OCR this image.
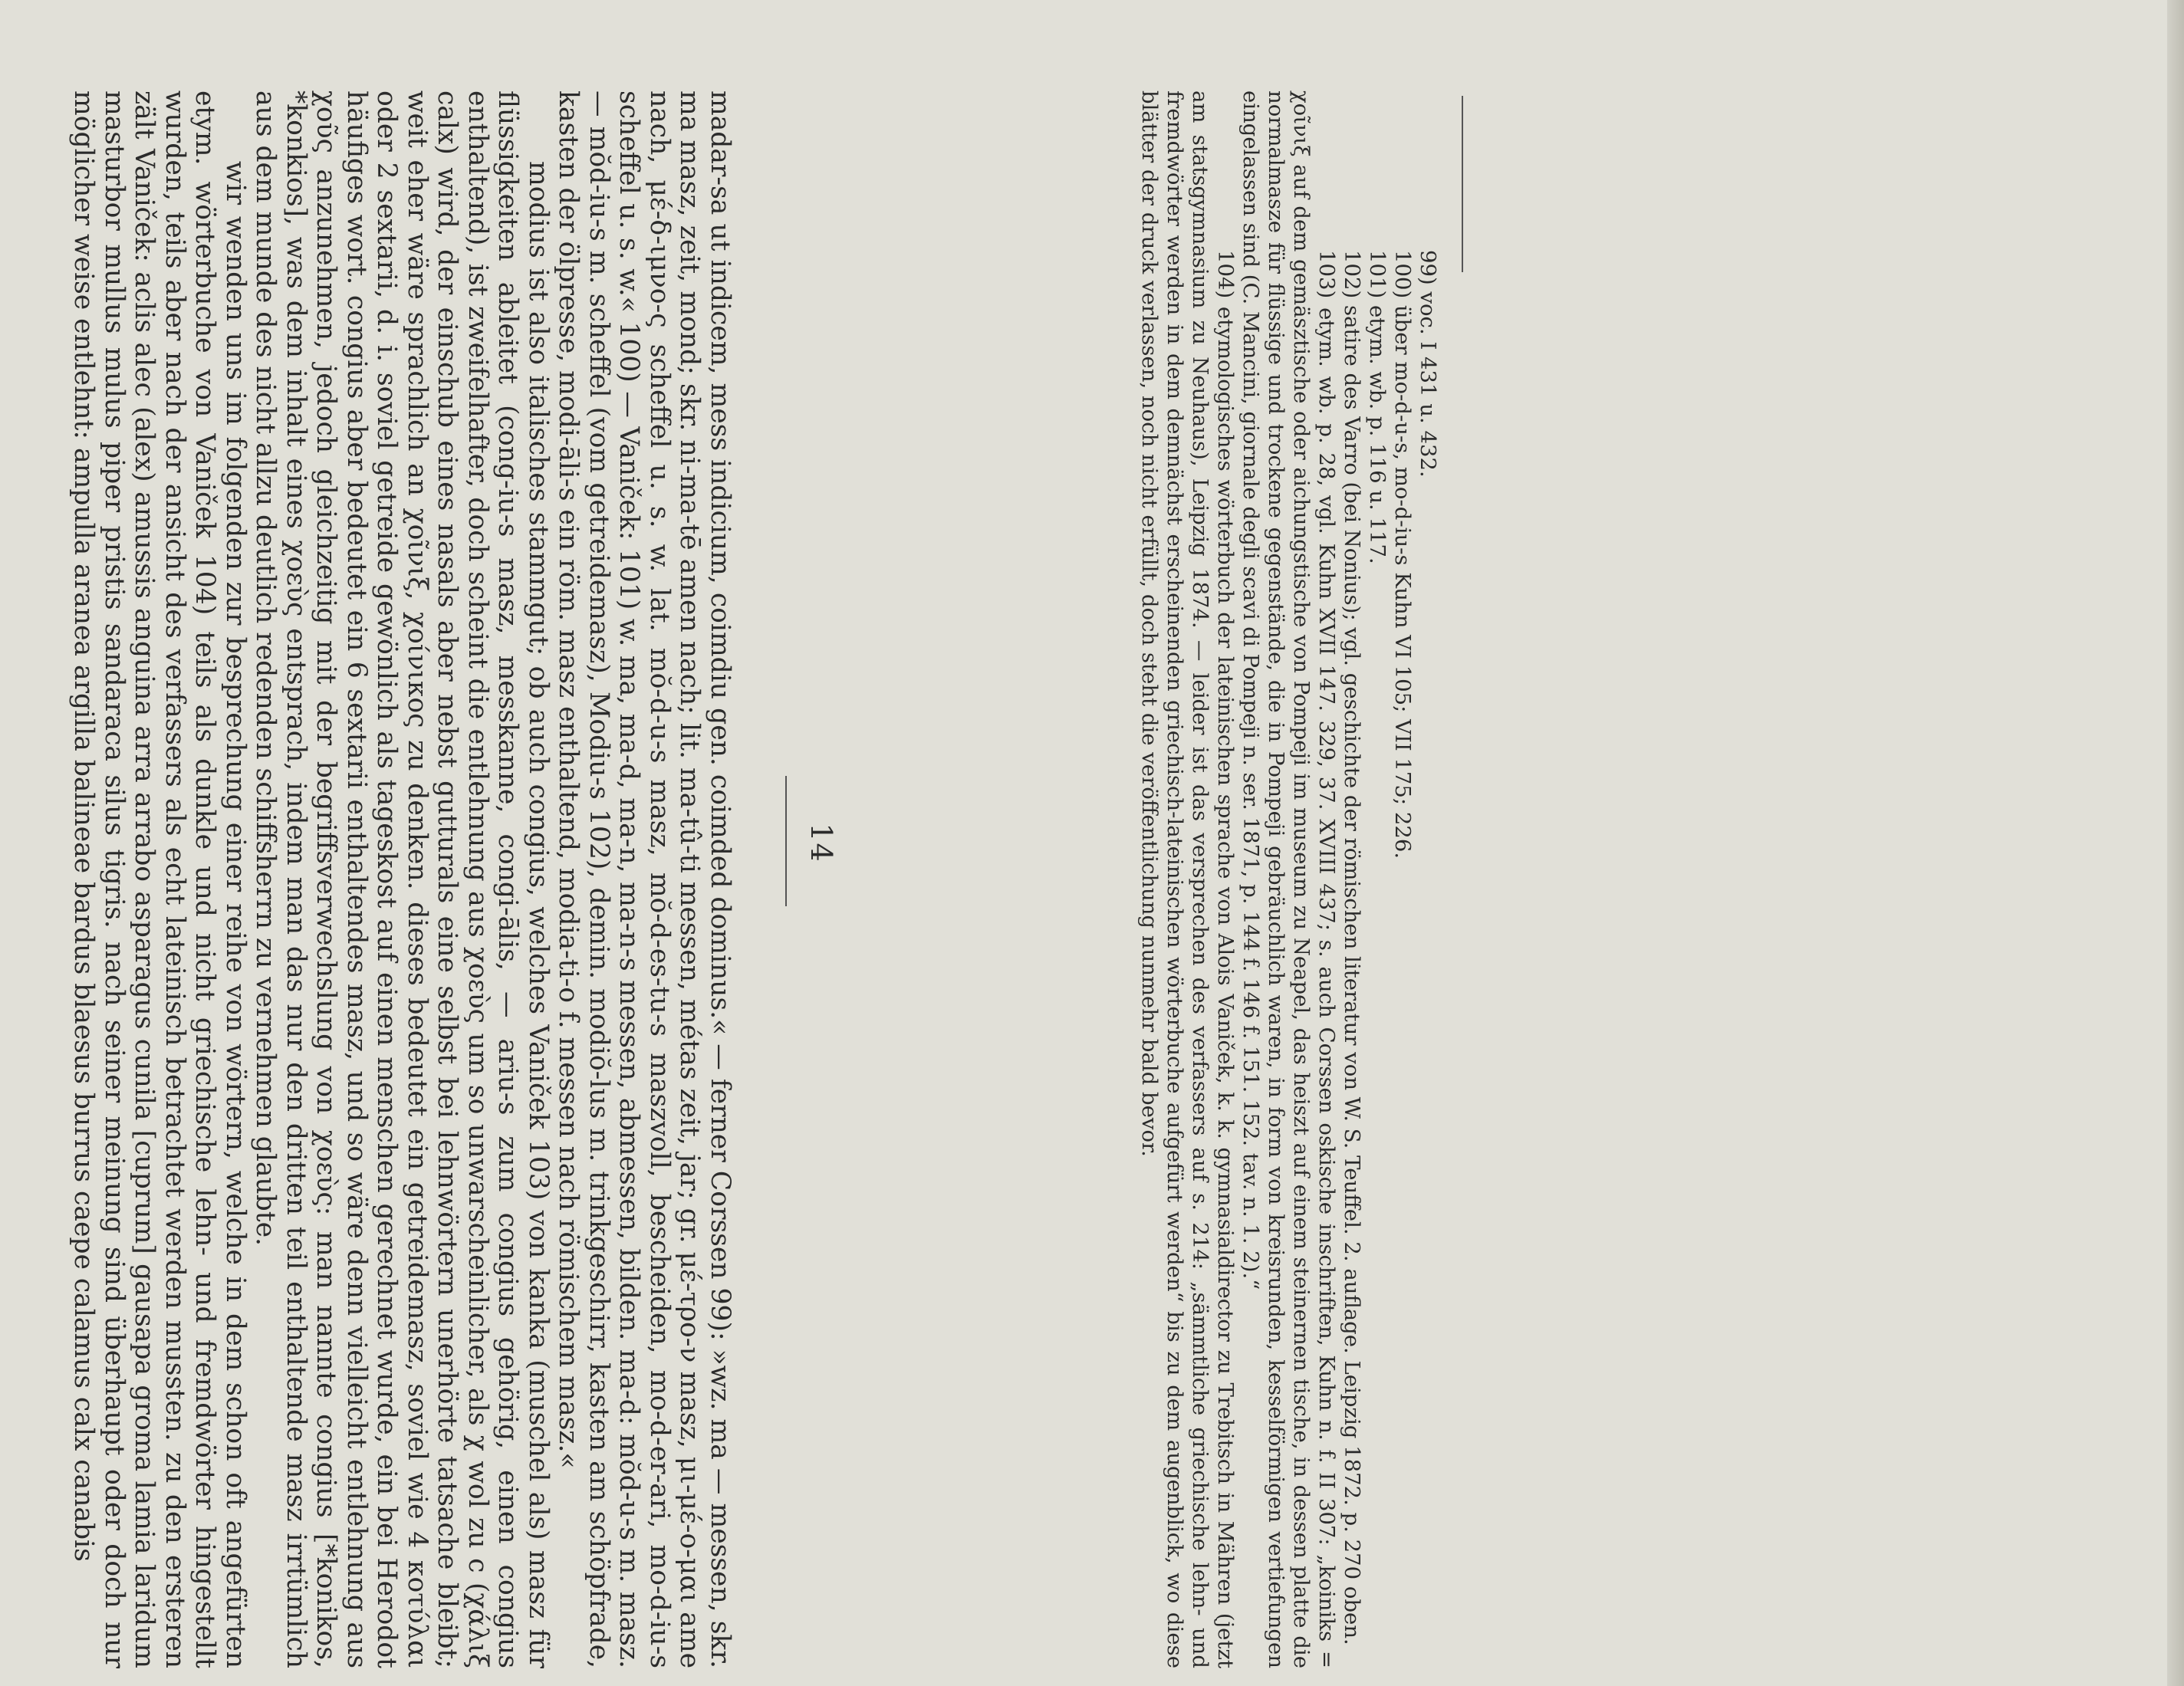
14

madar-sa ut indicem, mess indicium, coimdiu gen. coimded dominus.« — ferner Corssen 99): »wz. ma — messen, skr. ma masz, zeit, mond; skr. ni-ma-tē amen nach; lit. ma-tû-ti messen, métas zeit, jar; gr. μέ-τρο-ν masz, μι-μέ-ο-μαι ame nach, μέ-δ-ιμνο-ς scheffel u. s. w. lat. mŏ-d-u-s masz, mŏ-d-es-tu-s maszvoll, bescheiden, mo-d-er-ari, mo-d-iu-s scheffel u. s. w.« 100) — Vaniček: 101) w. ma, ma-d, ma-n, ma-n-s messen, abmessen, bilden. ma-d: mŏd-u-s m. masz. — mŏd-iu-s m. scheffel (vom getreidemasz), Modiu-s 102), demin. modiŏ-lus m. trinkgeschirr, kasten am schöpfrade, kasten der ölpresse, modi-āli-s ein röm. masz enthaltend, modia-ti-o f. messen nach römischem masz.«

modius ist also italisches stammgut; ob auch congius, welches Vaniček 103) von kanka (muschel als) masz für flüssigkeiten ableitet (cong-iu-s masz, messkanne, congi-ālis, — ariu-s zum congius gehörig, einen congius enthaltend), ist zweifelhafter, doch scheint die entlehnung aus χοεὺς um so unwarscheinlicher, als χ wol zu c (χάλιξ calx) wird, der einschub eines nasals aber nebst gutturals eine selbst bei lehnwörtern unerhörte tatsache bleibt; weit eher wäre sprachlich an χοῖνιξ, χοίνικος zu denken. dieses bedeutet ein getreidemasz, soviel wie 4 κοτύλαι oder 2 sextarii, d. i. soviel getreide gewönlich als tageskost auf einen menschen gerechnet wurde, ein bei Herodot häufiges wort. congius aber bedeutet ein 6 sextarii enthaltendes masz, und so wäre denn vielleicht entlehnung aus χοῦς anzunehmen, jedoch gleichzeitig mit der begriffsverwechslung von χοεὺς: man nannte congius [*konikos, *konkios], was dem inhalt eines χοεὺς entsprach, indem man das nur den dritten teil enthaltende masz irrtümlich aus dem munde des nicht allzu deutlich redenden schiffsherrn zu vernehmen glaubte.

wir wenden uns im folgenden zur besprechung einer reihe von wörtern, welche in dem schon oft angefürten etym. wörterbuche von Vaniček 104) teils als dunkle und nicht griechische lehn- und fremdwörter hingestellt wurden, teils aber nach der ansicht des verfassers als echt lateinisch betrachtet werden mussten. zu den ersteren zält Vaniček: aclis alec (alex) amussis anguina arra arrabo asparagus cunila [cuprum] gausapa groma lamia laridum masturbor mullus mulus piper pristis sandaraca silus tigris. nach seiner meinung sind überhaupt oder doch nur möglicher weise entlehnt: ampulla aranea argilla balineae bardus blaesus burrus caepe calamus calx canabis	99) voc. I 431 u. 432.

100) über mo-d-u-s, mo-d-iu-s Kuhn VI 105; VII 175; 226.

101) etym. wb. p. 116 u. 117.

102) satire des Varro (bei Nonius); vgl. geschichte der römischen literatur von W. S. Teuffel. 2. auflage. Leipzig 1872. p. 270 oben.

103) etym. wb. p. 28, vgl. Kuhn XVII 147. 329, 37. XVIII 437; s. auch Corssen oskische inschriften, Kuhn n. f. II 307: „koiniks = χοῖνιξ auf dem gemäsztische oder aichungstische von Pompeji im museum zu Neapel, das heiszt auf einem steinernen tische, in dessen platte die normalmasze für flüssige und trockene gegenstände, die in Pompeji gebräuchlich waren, in form von kreisrunden, kesselförmigen vertiefungen eingelassen sind (C. Mancini, giornale degli scavi di Pompeji n. ser. 1871, p. 144 f. 146 f. 151. 152. tav. n. 1. 2).“

104) etymologisches wörterbuch der lateinischen sprache von Alois Vaniček, k. k. gymnasialdirector zu Trebitsch in Mähren (jetzt am statsgymnasium zu Neuhaus), Leipzig 1874. — leider ist das versprechen des verfassers auf s. 214: „sämmtliche griechische lehn- und fremdwörter werden in dem demnächst erscheinenden griechisch-lateinischen wörterbuche aufgefürt werden“ bis zu dem augenblick, wo diese blätter der druck verlassen, noch nicht erfüllt, doch steht die veröffentlichung nunmehr bald bevor.
